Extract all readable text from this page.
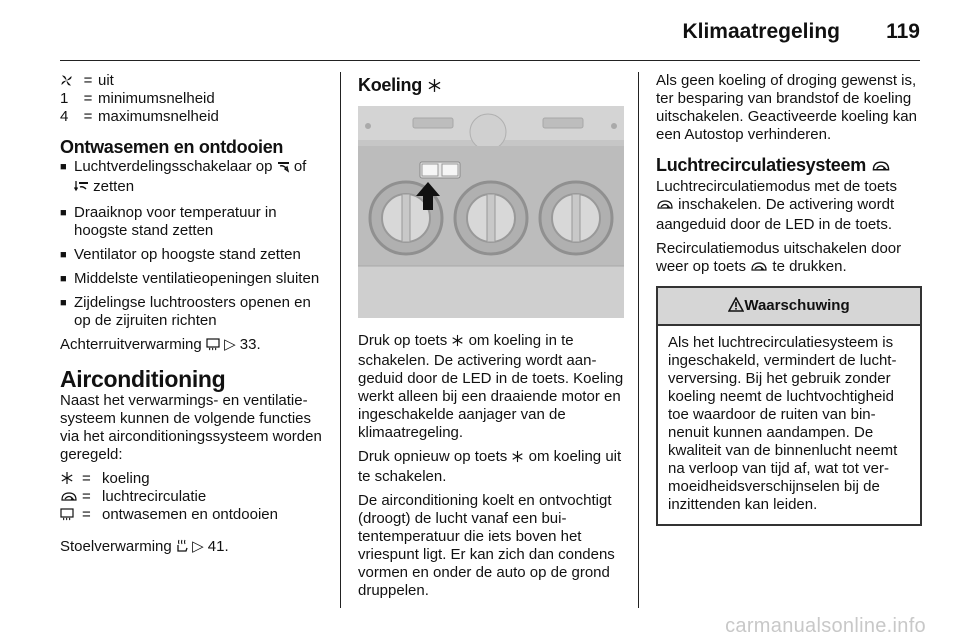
Klimaatregeling 119
= uit
1	= minimumsnelheid
4	= maximumsnelheid
Ontwasemen en ontdooien
■ Luchtverdelingsschakelaar op of
zetten
■ Draaiknop voor temperatuur in hoogste stand zetten
■ Ventilator op hoogste stand zetten
■ Middelste ventilatieopeningen sluiten
■ Zijdelingse luchtroosters openen en op de zijruiten richten

Achterruitverwarming ▷ 33.

Airconditioning

Naast het verwarmings- en ventilatiesysteem kunnen de volgende functies via het airconditioningssysteem worden geregeld:

= koeling
= luchtrecirculatie
= ontwasemen en ontdooien

Stoelverwarming ▷ 41.

Koeling

Druk op toets om koeling in te schakelen. De activering wordt aangeduid door de LED in de toets. Koeling werkt alleen bij een draaiende motor en ingeschakelde aanjager van de klimaatregeling.

Druk opnieuw op toets om koeling uit te schakelen.

De airconditioning koelt en ontvochtigt (droogt) de lucht vanaf een buitentemperatuur die iets boven het vriespunt ligt. Er kan zich dan condens vormen en onder de auto op de grond druppelen.

Als geen koeling of droging gewenst is, ter besparing van brandstof de koeling uitschakelen. Geactiveerde koeling kan een Autostop verhinderen.

Luchtrecirculatiesysteem

Luchtrecirculatiemodus met de toets
inschakelen. De activering wordt aangeduid door de LED in de toets.

Recirculatiemodus uitschakelen door weer op toets te drukken.

Waarschuwing
Als het luchtrecirculatiesysteem is ingeschakeld, vermindert de luchtverversing. Bij het gebruik zonder koeling neemt de luchtvochtigheid toe waardoor de ruiten van binnenuit kunnen aandampen. De kwaliteit van de binnenlucht neemt na verloop van tijd af, wat tot vermoeidheidsverschijnselen bij de inzittenden kan leiden.
carmanualsonline.info
